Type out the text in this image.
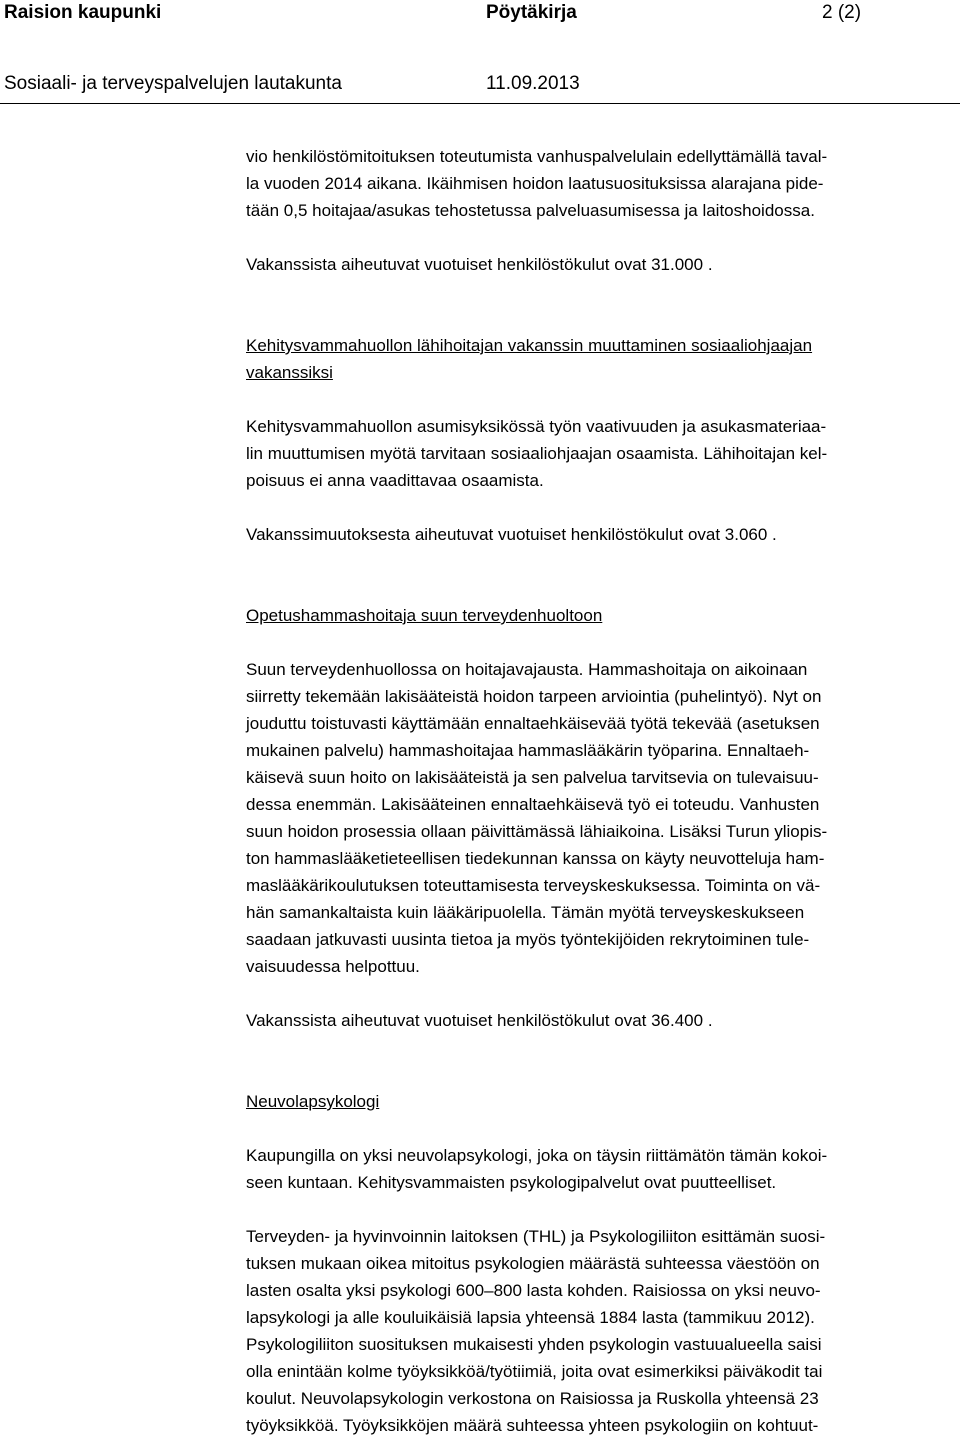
Raision kaupunki	Pöytäkirja	2 (2)
Sosiaali- ja terveyspalvelujen lautakunta	11.09.2013

vio henkilöstömitoituksen toteutumista vanhuspalvelulain edellyttämällä taval-
la vuoden 2014 aikana. Ikäihmisen hoidon laatusuosituksissa alarajana pide-
tään 0,5 hoitajaa/asukas tehostetussa palveluasumisessa ja laitoshoidossa.

Vakanssista aiheutuvat vuotuiset henkilöstökulut ovat 31.000 .

Kehitysvammahuollon lähihoitajan vakanssin muuttaminen sosiaaliohjaajan
vakanssiksi

Kehitysvammahuollon asumisyksikössä työn vaativuuden ja asukasmateriaa-
lin muuttumisen myötä tarvitaan sosiaaliohjaajan osaamista. Lähihoitajan kel-
poisuus ei anna vaadittavaa osaamista.

Vakanssimuutoksesta aiheutuvat vuotuiset henkilöstökulut ovat 3.060 .

Opetushammashoitaja suun terveydenhuoltoon

Suun terveydenhuollossa on hoitajavajausta. Hammashoitaja on aikoinaan
siirretty tekemään lakisääteistä hoidon tarpeen arviointia (puhelintyö). Nyt on
jouduttu toistuvasti käyttämään ennaltaehkäisevää työtä tekevää (asetuksen
mukainen palvelu) hammashoitajaa hammaslääkärin työparina. Ennaltaeh-
käisevä suun hoito on lakisääteistä ja sen palvelua tarvitsevia on tulevaisuu-
dessa enemmän. Lakisääteinen ennaltaehkäisevä työ ei toteudu. Vanhusten
suun hoidon prosessia ollaan päivittämässä lähiaikoina. Lisäksi Turun yliopis-
ton hammaslääketieteellisen tiedekunnan kanssa on käyty neuvotteluja ham-
maslääkärikoulutuksen toteuttamisesta terveyskeskuksessa. Toiminta on vä-
hän samankaltaista kuin lääkäripuolella. Tämän myötä terveyskeskukseen
saadaan jatkuvasti uusinta tietoa ja myös työntekijöiden rekrytoiminen tule-
vaisuudessa helpottuu.

Vakanssista aiheutuvat vuotuiset henkilöstökulut ovat 36.400 .

Neuvolapsykologi

Kaupungilla on yksi neuvolapsykologi, joka on täysin riittämätön tämän kokoi-
seen kuntaan. Kehitysvammaisten psykologipalvelut ovat puutteelliset.

Terveyden- ja hyvinvoinnin laitoksen (THL) ja Psykologiliiton esittämän suosi-
tuksen mukaan oikea mitoitus psykologien määrästä suhteessa väestöön on
lasten osalta yksi psykologi 600–800 lasta kohden. Raisiossa on yksi neuvo-
lapsykologi ja alle kouluikäisiä lapsia yhteensä 1884 lasta (tammikuu 2012).
Psykologiliiton suosituksen mukaisesti yhden psykologin vastuualueella saisi
olla enintään kolme työyksikköä/työtiimiä, joita ovat esimerkiksi päiväkodit tai
koulut. Neuvolapsykologin verkostona on Raisiossa ja Ruskolla yhteensä 23
työyksikköä. Työyksikköjen määrä suhteessa yhteen psykologiin on kohtuut-
